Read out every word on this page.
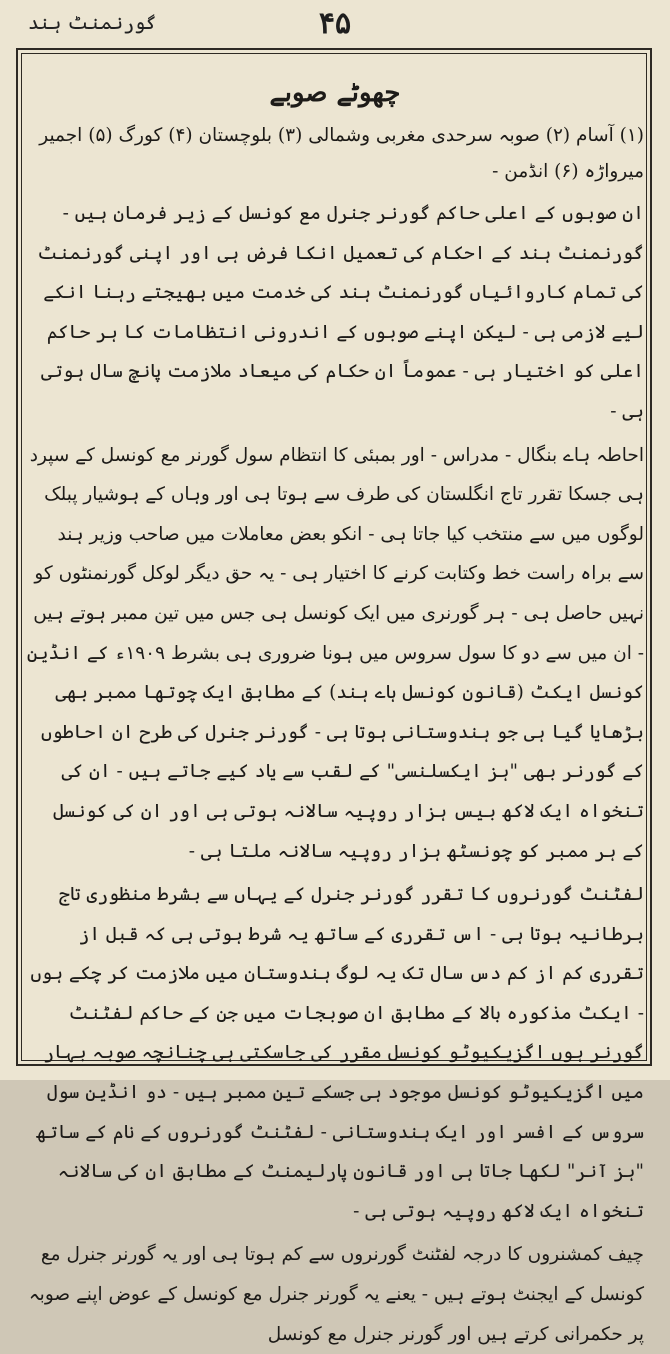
گورنمنٹ ہند	۴۵
چھوٹے صوبے

(۱) آسام (۲) صوبہ سرحدی مغربی وشمالی (۳) بلوچستان (۴) کورگ (۵) اجمیر میرواڑہ (۶) انڈمن -

ان صوبوں کے اعلی حاکم گورنر جنرل مع کونسل کے زیر فرمان ہیں - گورنمنٹ ہند کے احکام کی تعمیل انکا فرض ہی اور اپنی گورنمنٹ کی تمام کاروائیاں گورنمنٹ ہند کی خدمت میں بھیجتے رہنا انکے لیے لازمی ہی - لیکن اپنے صوبوں کے اندرونی انتظامات کا ہر حاکم اعلی کو اختیار ہی - عموماً ان حکام کی میعاد ملازمت پانچ سال ہوتی ہی -

احاطہ ہاے بنگال - مدراس - اور بمبئی کا انتظام سول گورنر مع کونسل کے سپرد ہی جسکا تقرر تاج انگلستان کی طرف سے ہوتا ہی اور وہاں کے ہوشیار پبلک لوگوں میں سے منتخب کیا جاتا ہی - انکو بعض معاملات میں صاحب وزیر ہند سے براہ راست خط وکتابت کرنے کا اختیار ہی - یہ حق دیگر لوکل گورنمنٹوں کو نہیں حاصل ہی - ہر گورنری میں ایک کونسل ہی جس میں تین ممبر ہوتے ہیں - ان میں سے دو کا سول سروس میں ہونا ضروری ہی بشرط ۱۹۰۹ء کے انڈین کونسل ایکٹ (قانون کونسل ہاے ہند) کے مطابق ایک چوتھا ممبر بھی بڑھایا گیا ہی جو ہندوستانی ہوتا ہی - گورنر جنرل کی طرح ان احاطوں کے گورنر بھی "ہز ایکسلنسی" کے لقب سے یاد کیے جاتے ہیں - ان کی تنخواہ ایک لاکھ بیس ہزار روپیہ سالانہ ہوتی ہی اور ان کی کونسل کے ہر ممبر کو چونسٹھ ہزار روپیہ سالانہ ملتا ہی -

لفٹنٹ گورنروں کا تقرر گورنر جنرل کے یہاں سے بشرط منظوری تاج برطانیہ ہوتا ہی - اس تقرری کے ساتھ یہ شرط ہوتی ہی کہ قبل از تقرری کم از کم دس سال تک یہ لوگ ہندوستان میں ملازمت کر چکے ہوں - ایکٹ مذکورہ بالا کے مطابق ان صوبجات میں جن کے حاکم لفٹنٹ گورنر ہوں اگزیکیوٹو کونسل مقرر کی جاسکتی ہی چنانچہ صوبہ بہار میں اگزیکیوٹو کونسل موجود ہی جسکے تین ممبر ہیں - دو انڈین سول سروس کے افسر اور ایک ہندوستانی - لفٹنٹ گورنروں کے نام کے ساتھ "ہز آنر" لکھا جاتا ہی اور قانون پارلیمنٹ کے مطابق ان کی سالانہ تنخواہ ایک لاکھ روپیہ ہوتی ہی -

چیف کمشنروں کا درجہ لفٹنٹ گورنروں سے کم ہوتا ہی اور یہ گورنر جنرل مع کونسل کے ایجنٹ ہوتے ہیں - یعنے یہ گورنر جنرل مع کونسل کے عوض اپنے صوبہ پر حکمرانی کرتے ہیں اور گورنر جنرل مع کونسل
